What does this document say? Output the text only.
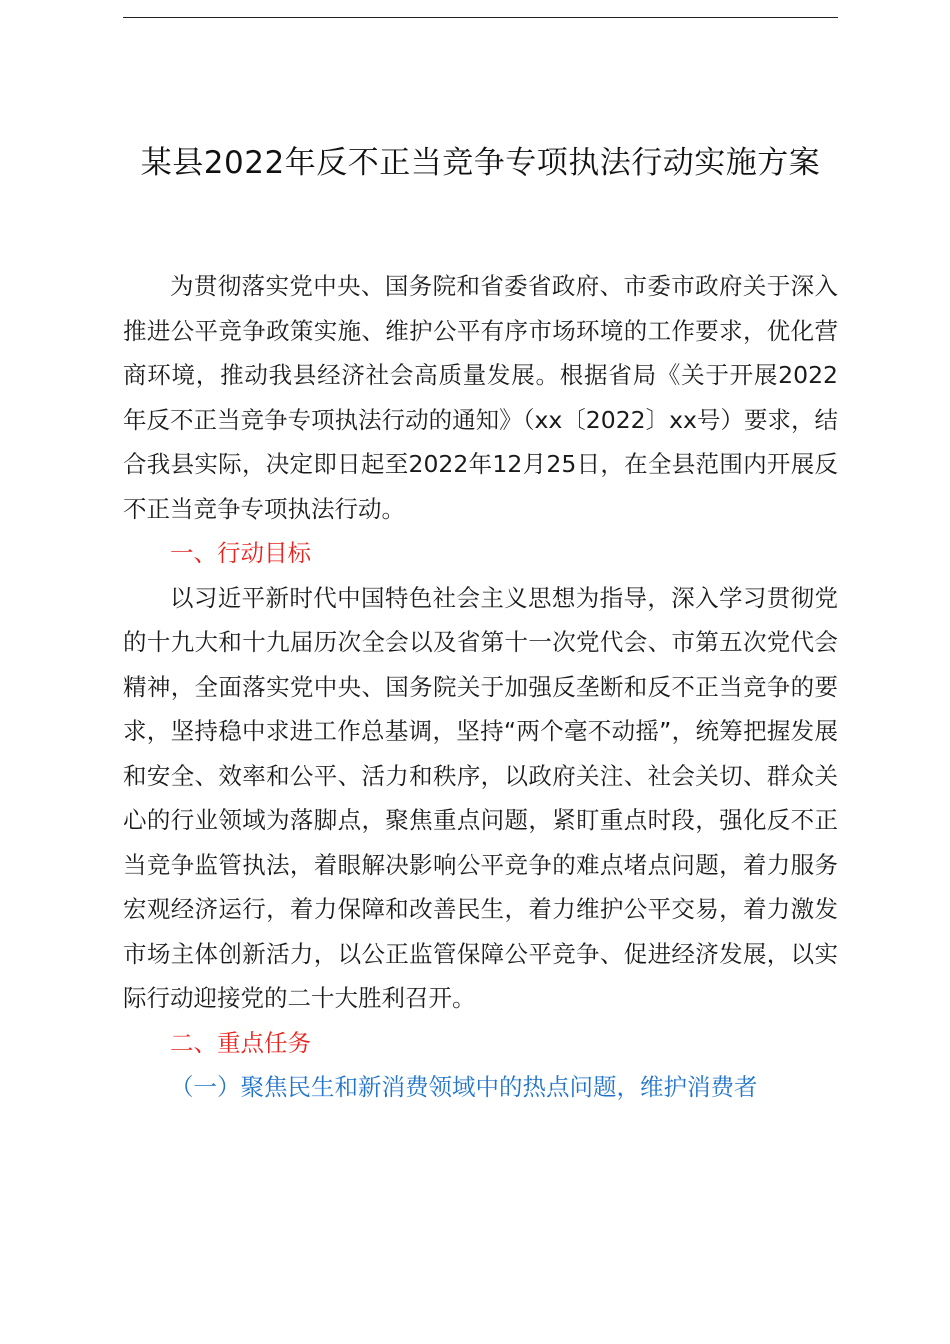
某县2022年反不正当竞争专项执法行动实施方案

为贯彻落实党中央、国务院和省委省政府、市委市政府关于深入推进公平竞争政策实施、维护公平有序市场环境的工作要求，优化营商环境，推动我县经济社会高质量发展。根据省局《关于开展2022年反不正当竞争专项执法行动的通知》（xx〔2022〕xx号）要求，结合我县实际，决定即日起至2022年12月25日，在全县范围内开展反不正当竞争专项执法行动。

一、行动目标

以习近平新时代中国特色社会主义思想为指导，深入学习贯彻党的十九大和十九届历次全会以及省第十一次党代会、市第五次党代会精神，全面落实党中央、国务院关于加强反垄断和反不正当竞争的要求，坚持稳中求进工作总基调，坚持“两个毫不动摇”，统筹把握发展和安全、效率和公平、活力和秩序，以政府关注、社会关切、群众关心的行业领域为落脚点，聚焦重点问题，紧盯重点时段，强化反不正当竞争监管执法，着眼解决影响公平竞争的难点堵点问题，着力服务宏观经济运行，着力保障和改善民生，着力维护公平交易，着力激发市场主体创新活力，以公正监管保障公平竞争、促进经济发展，以实际行动迎接党的二十大胜利召开。

二、重点任务

（一）聚焦民生和新消费领域中的热点问题，维护消费者
